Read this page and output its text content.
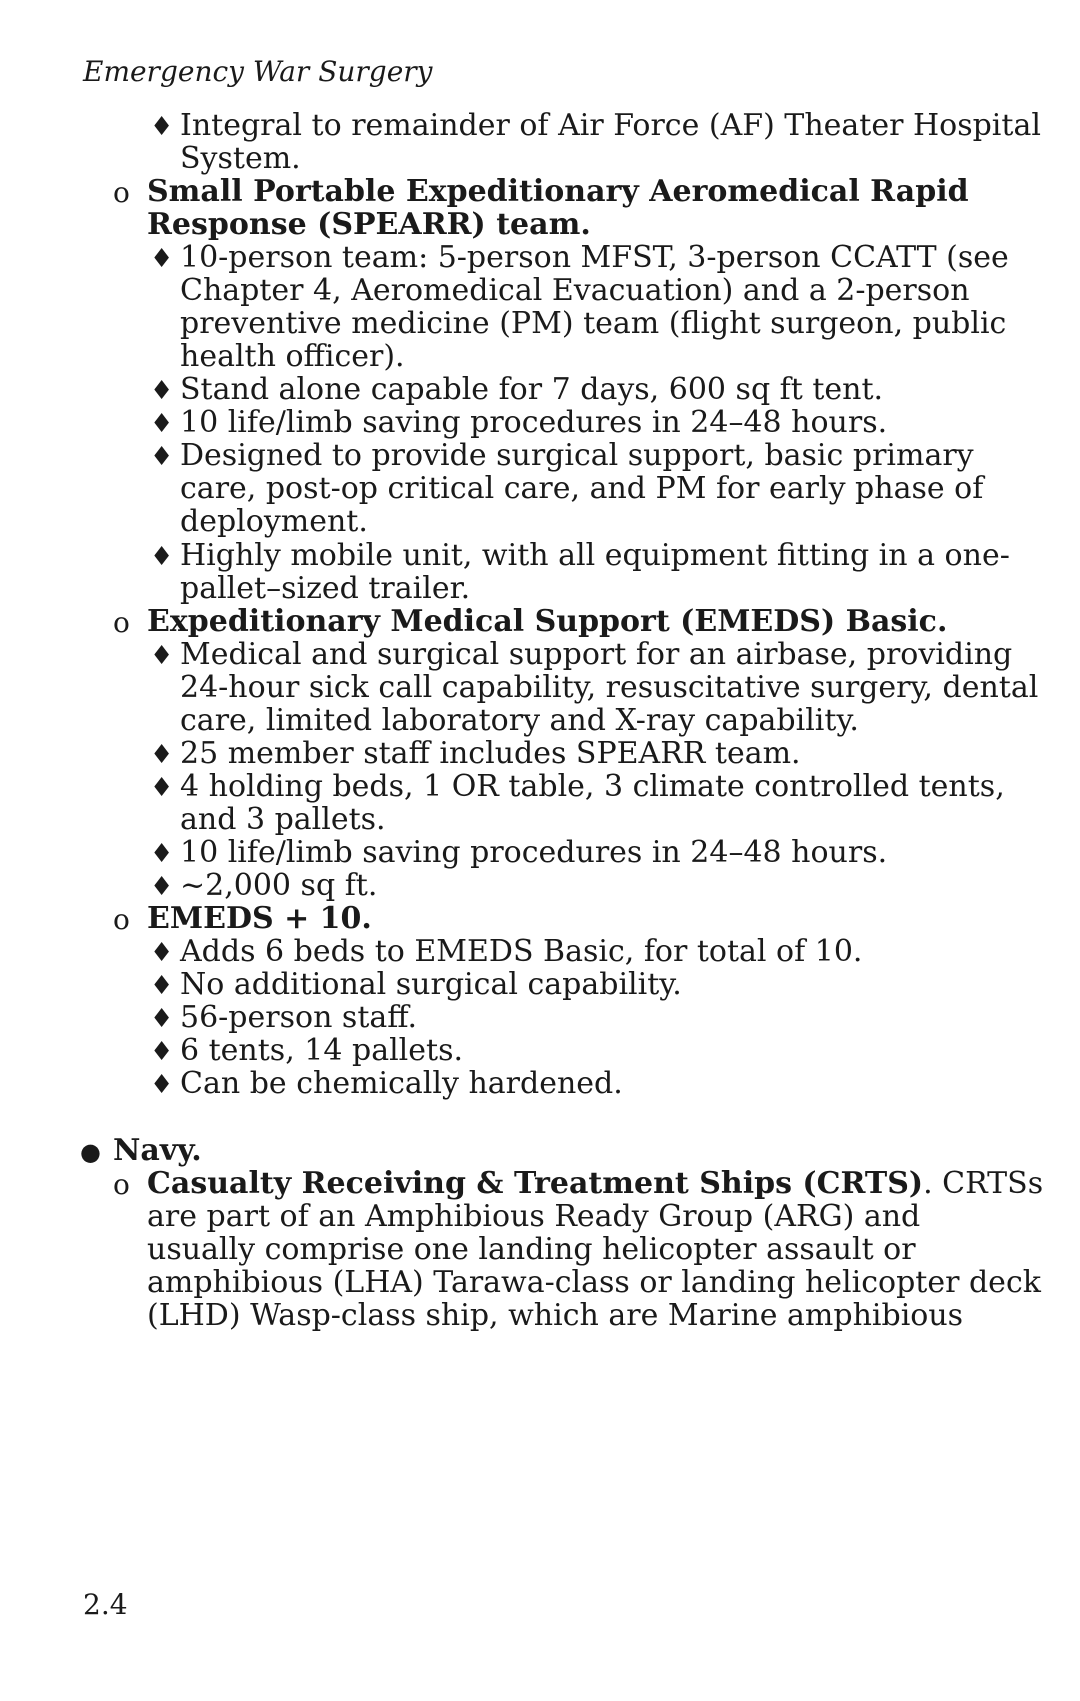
Emergency War Surgery
Integral to remainder of Air Force (AF) Theater Hospital
♦
System.
Small Portable Expeditionary Aeromedical Rapid
o
Response (SPEARR) team.
10-person team: 5-person MFST, 3-person CCATT (see
♦
Chapter 4, Aeromedical Evacuation) and a 2-person
preventive medicine (PM) team (flight surgeon, public
health officer).
Stand alone capable for 7 days, 600 sq ft tent.
♦
10 life/limb saving procedures in 24–48 hours.
♦
Designed to provide surgical support, basic primary
♦
care, post-op critical care, and PM for early phase of
deployment.
Highly mobile unit, with all equipment fitting in a one-
♦
pallet–sized trailer.
Expeditionary Medical Support (EMEDS) Basic.
o
Medical and surgical support for an airbase, providing
♦
24-hour sick call capability, resuscitative surgery, dental
care, limited laboratory and X-ray capability.
25 member staff includes SPEARR team.
♦
4 holding beds, 1 OR table, 3 climate controlled tents,
♦
and 3 pallets.
10 life/limb saving procedures in 24–48 hours.
♦
~2,000 sq ft.
♦
EMEDS + 10.
o
Adds 6 beds to EMEDS Basic, for total of 10.
♦
No additional surgical capability.
♦
56-person staff.
♦
6 tents, 14 pallets.
♦
Can be chemically hardened.
♦
Navy.
●
are part of an Amphibious Ready Group (ARG) and
usually comprise one landing helicopter assault or
amphibious (LHA) Tarawa-class or landing helicopter deck
(LHD) Wasp-class ship, which are Marine amphibious
Casualty Receiving & Treatment Ships (CRTS). CRTSs
o
2.4
